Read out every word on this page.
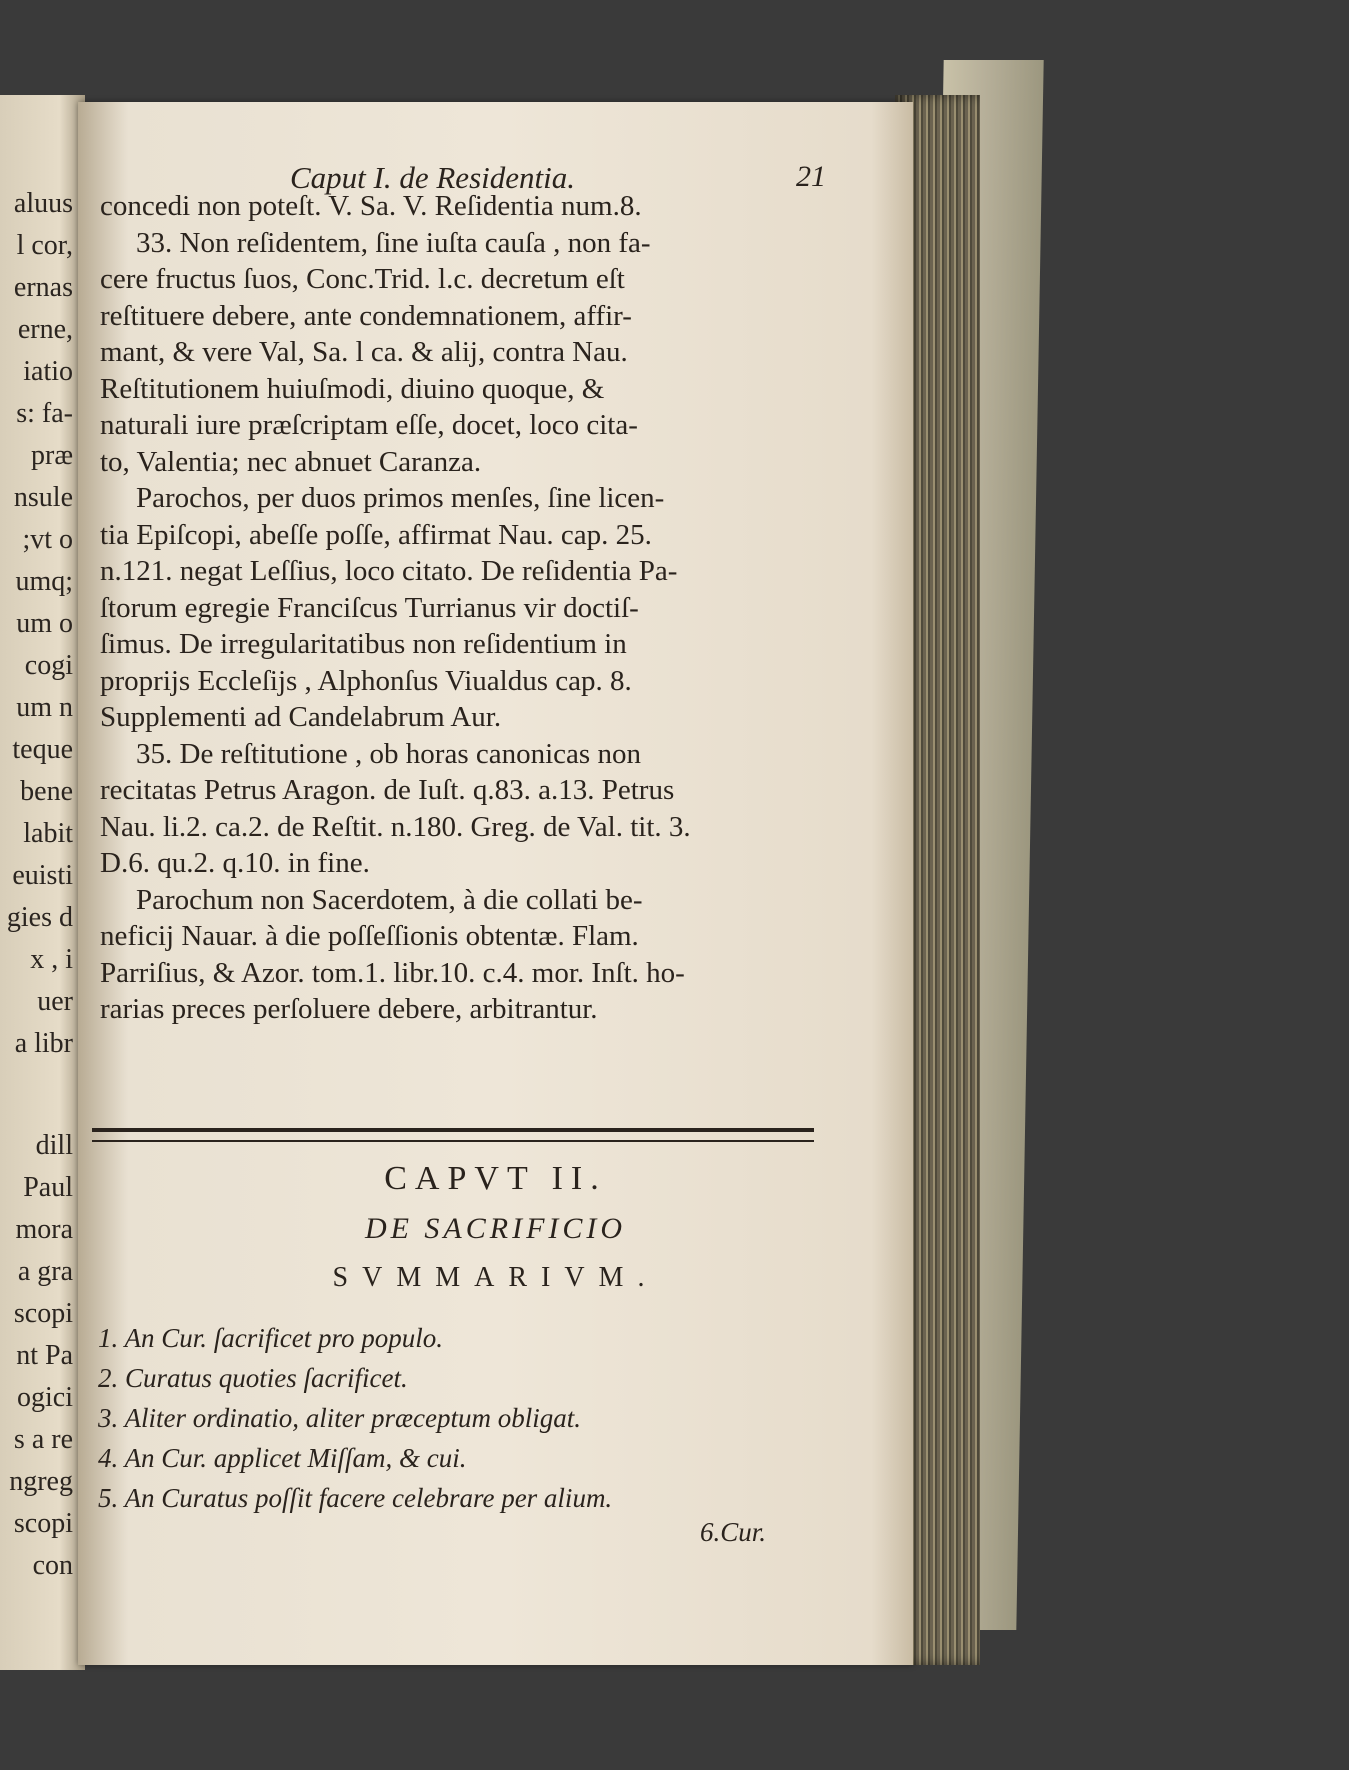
aluus
l cor,
ernas
erne,
iatio
s: fa-
præ
nsule
;vt o
umq;
um o
cogi
um n
teque
bene
labit
euisti
gies d
x , i
uer
a libr
dill
Paul
mora
a gra
scopi
nt Pa
ogici
s a re
ngreg
scopi
con
Caput I. de Residentia.	21
concedi non poteſt. V. Sa. V. Reſidentia num.8.
33. Non reſidentem, ſine iuſta cauſa , non fa-
cere fructus ſuos, Conc.Trid. l.c. decretum eſt
reſtituere debere, ante condemnationem, affir-
mant, & vere Val, Sa. l ca. & alij, contra Nau.
Reſtitutionem huiuſmodi, diuino quoque, &
naturali iure præſcriptam eſſe, docet, loco cita-
to, Valentia; nec abnuet Caranza.
Parochos, per duos primos menſes, ſine licen-
tia Epiſcopi, abeſſe poſſe, affirmat Nau. cap. 25.
n.121. negat Leſſius, loco citato. De reſidentia Pa-
ſtorum egregie Franciſcus Turrianus vir doctiſ-
ſimus. De irregularitatibus non reſidentium in
proprijs Eccleſijs , Alphonſus Viualdus cap. 8.
Supplementi ad Candelabrum Aur.
35. De reſtitutione , ob horas canonicas non
recitatas Petrus Aragon. de Iuſt. q.83. a.13. Petrus
Nau. li.2. ca.2. de Reſtit. n.180. Greg. de Val. tit. 3.
D.6. qu.2. q.10. in fine.
Parochum non Sacerdotem, à die collati be-
neficij Nauar. à die poſſeſſionis obtentæ. Flam.
Parriſius, & Azor. tom.1. libr.10. c.4. mor. Inſt. ho-
rarias preces perſoluere debere, arbitrantur.
CAPVT II.
DE SACRIFICIO
SVMMARIVM.
1. An Cur. ſacrificet pro populo.
2. Curatus quoties ſacrificet.
3. Aliter ordinatio, aliter præceptum obligat.
4. An Cur. applicet Miſſam, & cui.
5. An Curatus poſſit facere celebrare per alium.
6.Cur.
